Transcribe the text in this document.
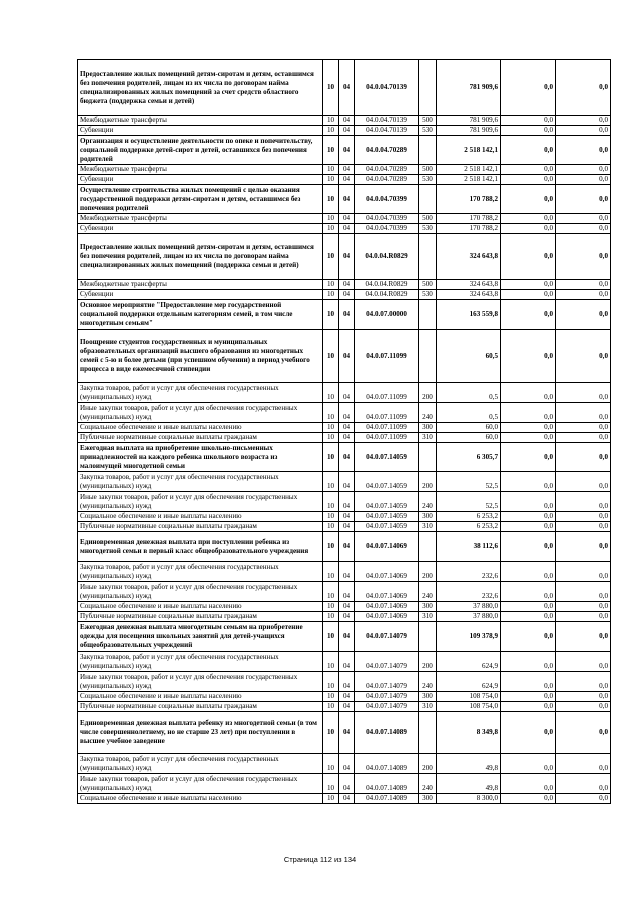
Предоставление жилых помещений детям-сиротам и детям, оставшимся без попечения родителей, лицам из их числа по договорам найма специализированных жилых помещений за счет средств областного бюджета (поддержка семьи и детей)	10	04	04.0.04.70139		781 909,6	0,0	0,0
Межбюджетные трансферты	10	04	04.0.04.70139	500	781 909,6	0,0	0,0
Субвенции	10	04	04.0.04.70139	530	781 909,6	0,0	0,0
Организация и осуществление деятельности по опеке и попечительству, социальной поддержке детей-сирот и детей, оставшихся без попечения родителей	10	04	04.0.04.70289		2 518 142,1	0,0	0,0
Межбюджетные трансферты	10	04	04.0.04.70289	500	2 518 142,1	0,0	0,0
Субвенции	10	04	04.0.04.70289	530	2 518 142,1	0,0	0,0
Осуществление строительства жилых помещений с целью оказания государственной поддержки детям-сиротам и детям, оставшимся без попечения родителей	10	04	04.0.04.70399		170 788,2	0,0	0,0
Межбюджетные трансферты	10	04	04.0.04.70399	500	170 788,2	0,0	0,0
Субвенции	10	04	04.0.04.70399	530	170 788,2	0,0	0,0
Предоставление жилых помещений детям-сиротам и детям, оставшимся без попечения родителей, лицам из их числа по договорам найма специализированных жилых помещений (поддержка семьи и детей)	10	04	04.0.04.R0829		324 643,8	0,0	0,0
Межбюджетные трансферты	10	04	04.0.04.R0829	500	324 643,8	0,0	0,0
Субвенции	10	04	04.0.04.R0829	530	324 643,8	0,0	0,0
Основное мероприятие "Предоставление мер государственной социальной поддержки отдельным категориям семей, в том числе многодетным семьям"	10	04	04.0.07.00000		163 559,8	0,0	0,0
Поощрение студентов государственных и муниципальных образовательных организаций высшего образования из многодетных семей с 5-ю и более детьми (при успешном обучении) в период учебного процесса в виде ежемесячной стипендии	10	04	04.0.07.11099		60,5	0,0	0,0
Закупка товаров, работ и услуг для обеспечения государственных (муниципальных) нужд	10	04	04.0.07.11099	200	0,5	0,0	0,0
Иные закупки товаров, работ и услуг для обеспечения государственных (муниципальных) нужд	10	04	04.0.07.11099	240	0,5	0,0	0,0
Социальное обеспечение и иные выплаты населению	10	04	04.0.07.11099	300	60,0	0,0	0,0
Публичные нормативные социальные выплаты гражданам	10	04	04.0.07.11099	310	60,0	0,0	0,0
Ежегодная выплата на приобретение школьно-письменных принадлежностей на каждого ребенка школьного возраста из малоимущей многодетной семьи	10	04	04.0.07.14059		6 305,7	0,0	0,0
Закупка товаров, работ и услуг для обеспечения государственных (муниципальных) нужд	10	04	04.0.07.14059	200	52,5	0,0	0,0
Иные закупки товаров, работ и услуг для обеспечения государственных (муниципальных) нужд	10	04	04.0.07.14059	240	52,5	0,0	0,0
Социальное обеспечение и иные выплаты населению	10	04	04.0.07.14059	300	6 253,2	0,0	0,0
Публичные нормативные социальные выплаты гражданам	10	04	04.0.07.14059	310	6 253,2	0,0	0,0
Единовременная денежная выплата при поступлении ребенка из многодетной семьи в первый класс общеобразовательного учреждения	10	04	04.0.07.14069		38 112,6	0,0	0,0
Закупка товаров, работ и услуг для обеспечения государственных (муниципальных) нужд	10	04	04.0.07.14069	200	232,6	0,0	0,0
Иные закупки товаров, работ и услуг для обеспечения государственных (муниципальных) нужд	10	04	04.0.07.14069	240	232,6	0,0	0,0
Социальное обеспечение и иные выплаты населению	10	04	04.0.07.14069	300	37 880,0	0,0	0,0
Публичные нормативные социальные выплаты гражданам	10	04	04.0.07.14069	310	37 880,0	0,0	0,0
Ежегодная денежная выплата многодетным семьям на приобретение одежды для посещения школьных занятий для детей-учащихся общеобразовательных учреждений	10	04	04.0.07.14079		109 378,9	0,0	0,0
Закупка товаров, работ и услуг для обеспечения государственных (муниципальных) нужд	10	04	04.0.07.14079	200	624,9	0,0	0,0
Иные закупки товаров, работ и услуг для обеспечения государственных (муниципальных) нужд	10	04	04.0.07.14079	240	624,9	0,0	0,0
Социальное обеспечение и иные выплаты населению	10	04	04.0.07.14079	300	108 754,0	0,0	0,0
Публичные нормативные социальные выплаты гражданам	10	04	04.0.07.14079	310	108 754,0	0,0	0,0
Единовременная денежная выплата ребенку из многодетной семьи (в том числе совершеннолетнему, но не старше 23 лет) при поступлении в высшее учебное заведение	10	04	04.0.07.14089		8 349,8	0,0	0,0
Закупка товаров, работ и услуг для обеспечения государственных (муниципальных) нужд	10	04	04.0.07.14089	200	49,8	0,0	0,0
Иные закупки товаров, работ и услуг для обеспечения государственных (муниципальных) нужд	10	04	04.0.07.14089	240	49,8	0,0	0,0
Социальное обеспечение и иные выплаты населению	10	04	04.0.07.14089	300	8 300,0	0,0	0,0
Страница 112 из 134
